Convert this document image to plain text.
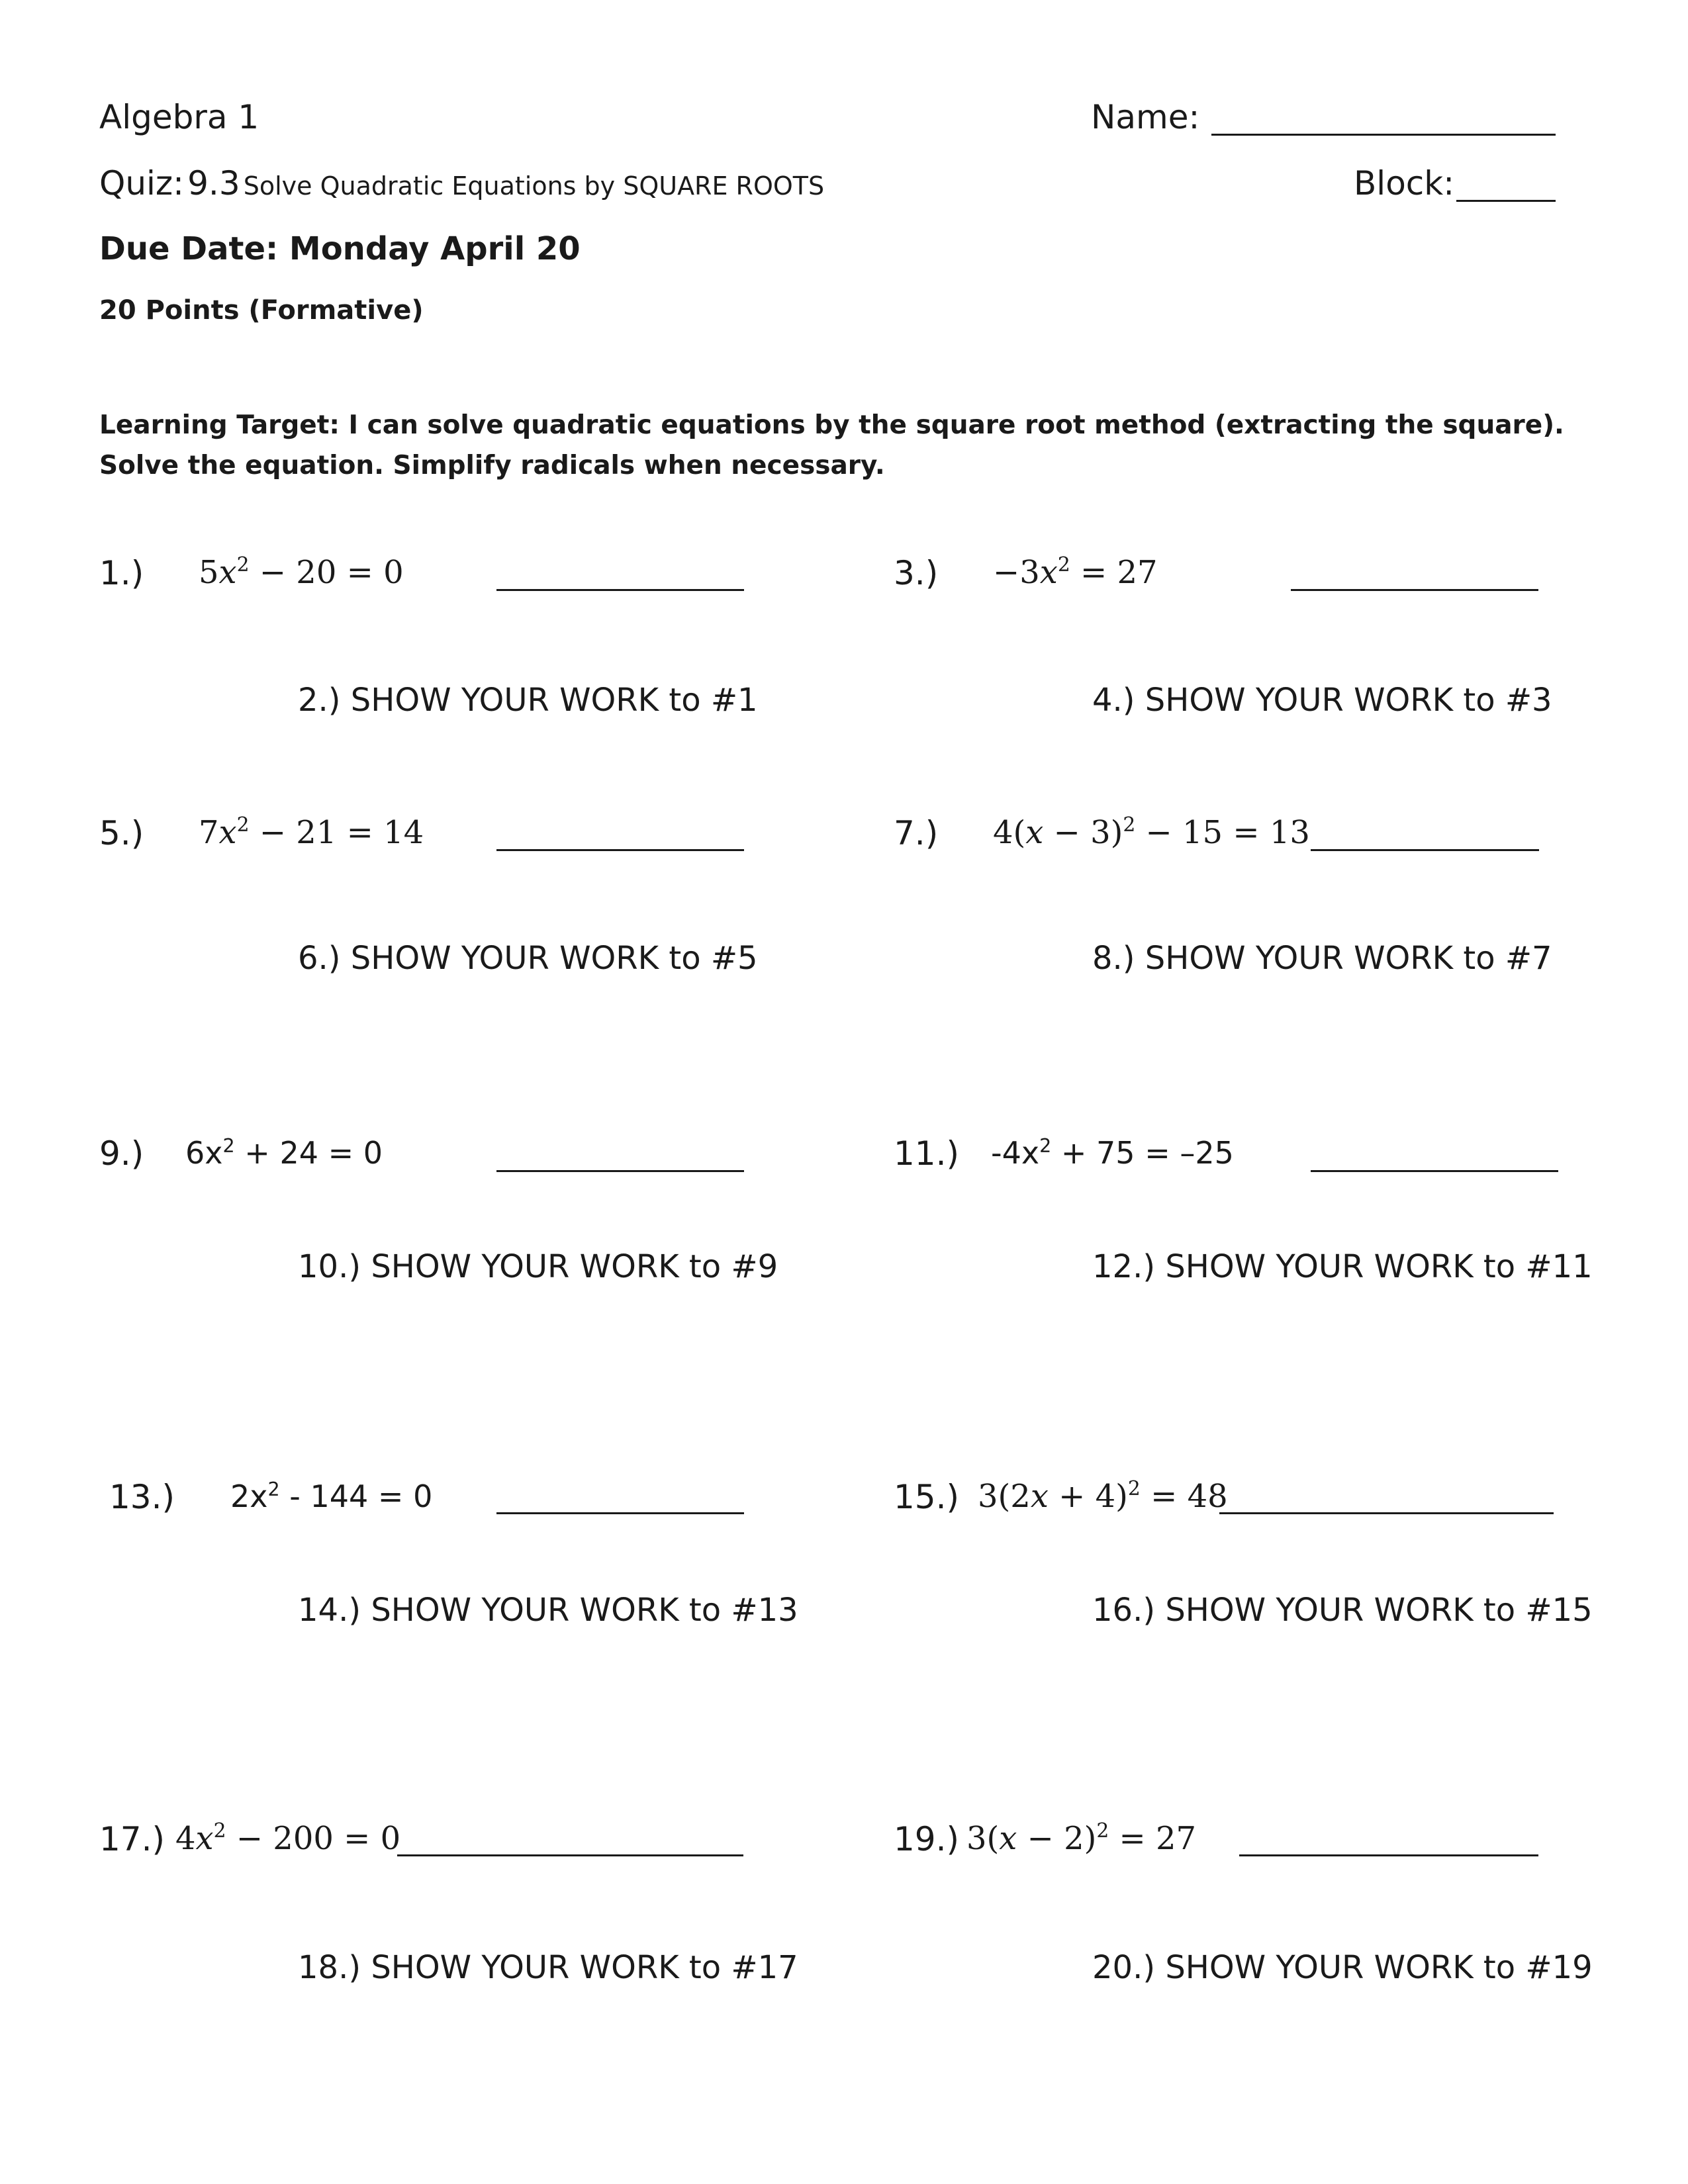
Algebra 1	Name:
Quiz: 9.3 Solve Quadratic Equations by SQUARE ROOTS	Block:
Due Date: Monday April 20
20 Points (Formative)
Learning Target: I can solve quadratic equations by the square root method (extracting the square).
Solve the equation. Simplify radicals when necessary.
1.) $5x^2 - 20 = 0$	$3.) -3x^2 = 27$
2.) SHOW YOUR WORK to #1	4.) SHOW YOUR WORK to #3
5.) $7x^2 - 21 = 14$	7.) $4(x - 3)^2 - 15 = 13$
6.) SHOW YOUR WORK to #5	8.) SHOW YOUR WORK to #7
9.) $6x^2 + 24 = 0$	11.) $-4x^2 + 75 = -25$
10.) SHOW YOUR WORK to #9	12.) SHOW YOUR WORK to #11
13.) $2x^2 - 144 = 0$	15.) $3(2x + 4)^2 = 48$
14.) SHOW YOUR WORK to #13	16.) SHOW YOUR WORK to #15
17.) $4x^2 - 200 = 0$	19.) $3(x - 2)^2 = 27$
18.) SHOW YOUR WORK to #17	20.) SHOW YOUR WORK to #19
